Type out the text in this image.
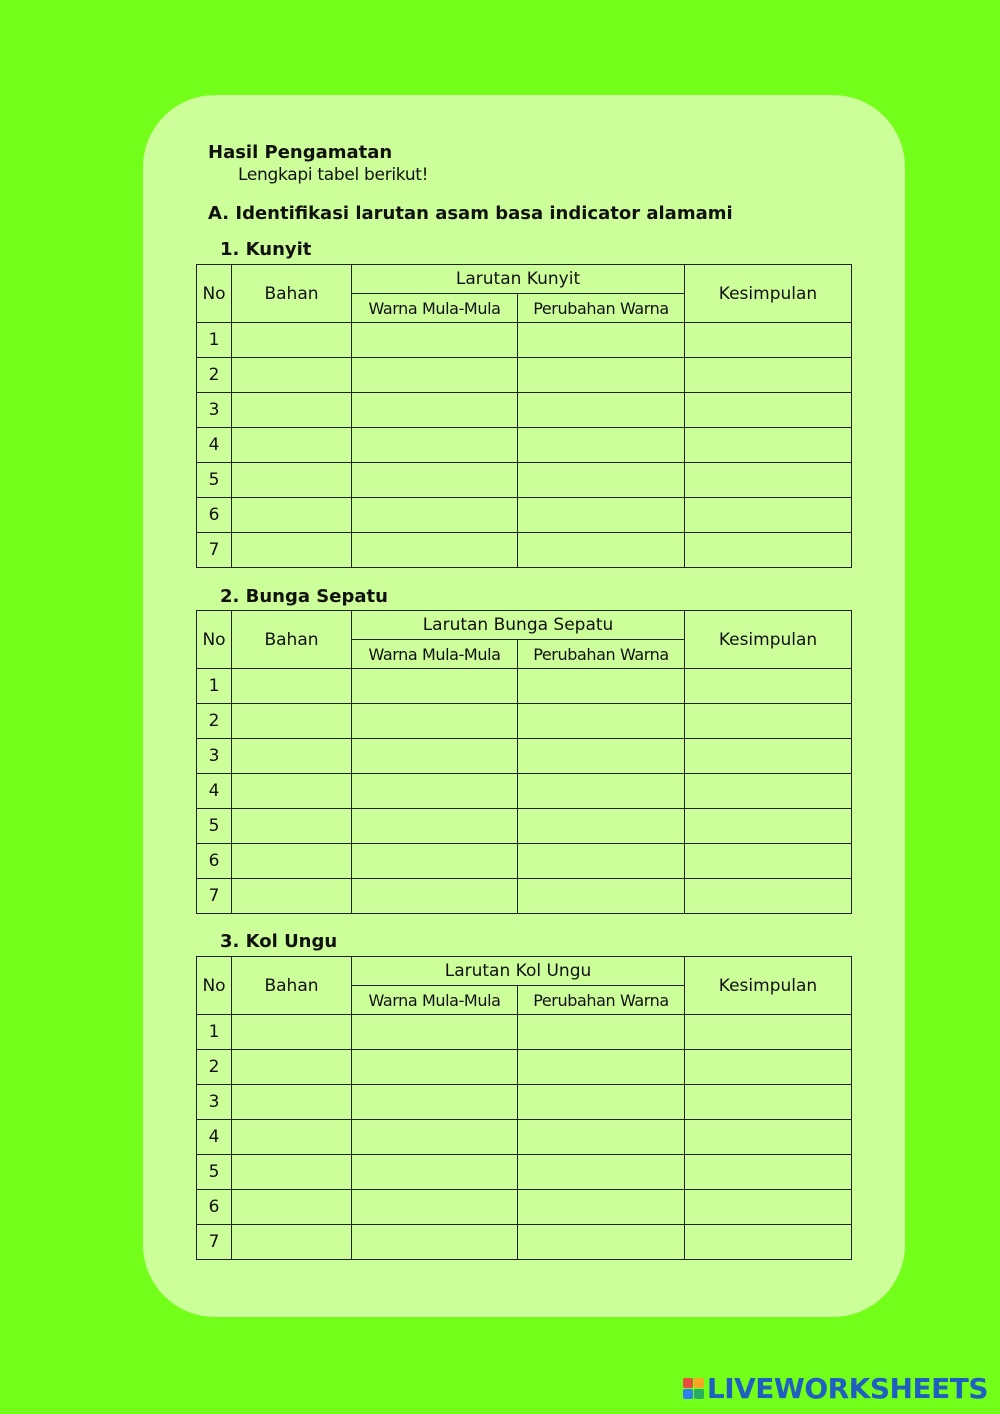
Hasil Pengamatan
Lengkapi tabel berikut!
A. Identifikasi larutan asam basa indicator alamami
1. Kunyit
No	Bahan	Larutan Kunyit		Kesimpulan
		Warna Mula-Mula	Perubahan Warna	
1				
2				
3				
4				
5				
6				
7				
2. Bunga Sepatu
No	Bahan	Larutan Bunga Sepatu		Kesimpulan
		Warna Mula-Mula	Perubahan Warna	
1				
2				
3				
4				
5				
6				
7				
3. Kol Ungu
No	Bahan	Larutan Kol Ungu		Kesimpulan
		Warna Mula-Mula	Perubahan Warna	
1				
2				
3				
4				
5				
6				
7				
LIVEWORKSHEETS
